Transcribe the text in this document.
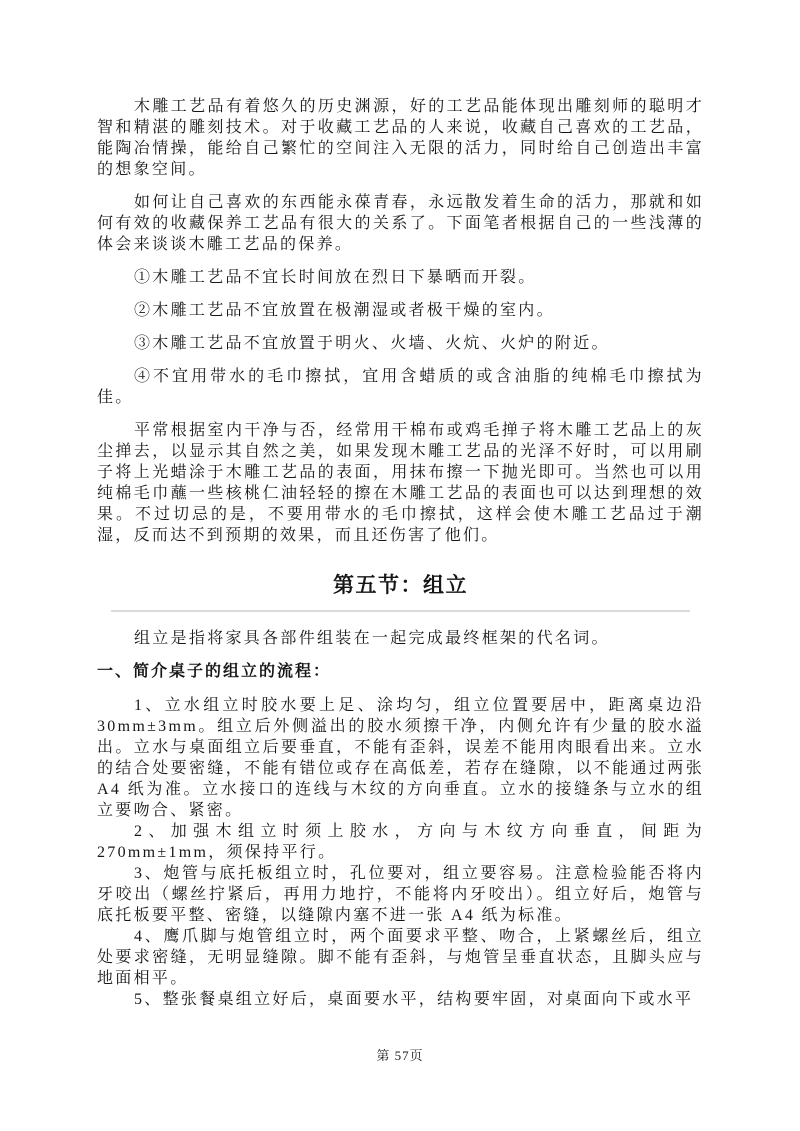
木雕工艺品有着悠久的历史渊源，好的工艺品能体现出雕刻师的聪明才智和精湛的雕刻技术。对于收藏工艺品的人来说，收藏自己喜欢的工艺品，能陶冶情操，能给自己繁忙的空间注入无限的活力，同时给自己创造出丰富的想象空间。

如何让自己喜欢的东西能永葆青春，永远散发着生命的活力，那就和如何有效的收藏保养工艺品有很大的关系了。下面笔者根据自己的一些浅薄的体会来谈谈木雕工艺品的保养。

①木雕工艺品不宜长时间放在烈日下暴晒而开裂。

②木雕工艺品不宜放置在极潮湿或者极干燥的室内。

③木雕工艺品不宜放置于明火、火墙、火炕、火炉的附近。

④不宜用带水的毛巾擦拭，宜用含蜡质的或含油脂的纯棉毛巾擦拭为佳。

平常根据室内干净与否，经常用干棉布或鸡毛掸子将木雕工艺品上的灰尘掸去，以显示其自然之美，如果发现木雕工艺品的光泽不好时，可以用刷子将上光蜡涂于木雕工艺品的表面，用抹布擦一下抛光即可。当然也可以用纯棉毛巾蘸一些核桃仁油轻轻的擦在木雕工艺品的表面也可以达到理想的效果。不过切忌的是，不要用带水的毛巾擦拭，这样会使木雕工艺品过于潮湿，反而达不到预期的效果，而且还伤害了他们。

第五节：组立

组立是指将家具各部件组装在一起完成最终框架的代名词。

一、简介桌子的组立的流程：

1、立水组立时胶水要上足、涂均匀，组立位置要居中，距离桌边沿30mm±3mm。组立后外侧溢出的胶水须擦干净，内侧允许有少量的胶水溢出。立水与桌面组立后要垂直，不能有歪斜，误差不能用肉眼看出来。立水的结合处要密缝，不能有错位或存在高低差，若存在缝隙，以不能通过两张A4 纸为准。立水接口的连线与木纹的方向垂直。立水的接缝条与立水的组立要吻合、紧密。

2、加强木组立时须上胶水，方向与木纹方向垂直，间距为 270mm±1mm，须保持平行。

3、炮管与底托板组立时，孔位要对，组立要容易。注意检验能否将内牙咬出（螺丝拧紧后，再用力地拧，不能将内牙咬出）。组立好后，炮管与底托板要平整、密缝，以缝隙内塞不进一张 A4 纸为标准。

4、鹰爪脚与炮管组立时，两个面要求平整、吻合，上紧螺丝后，组立处要求密缝，无明显缝隙。脚不能有歪斜，与炮管呈垂直状态，且脚头应与地面相平。

5、整张餐桌组立好后，桌面要水平，结构要牢固，对桌面向下或水平

第 57页
